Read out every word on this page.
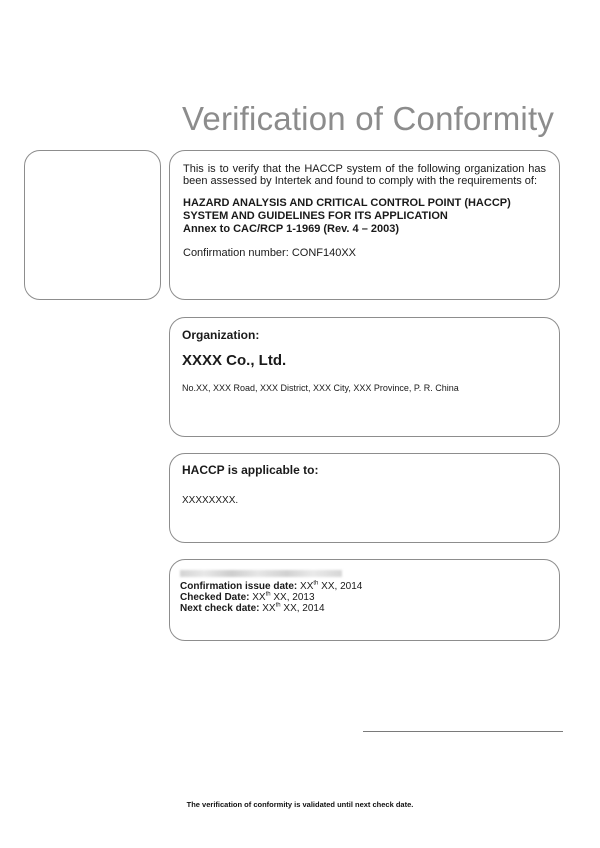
Verification of Conformity

This is to verify that the HACCP system of the following organization has been assessed by Intertek and found to comply with the requirements of:

HAZARD ANALYSIS AND CRITICAL CONTROL POINT (HACCP)
SYSTEM AND GUIDELINES FOR ITS APPLICATION
Annex to CAC/RCP 1-1969 (Rev. 4 – 2003)

Confirmation number: CONF140XX

Organization:

XXXX Co., Ltd.

No.XX, XXX Road, XXX District, XXX City, XXX Province, P. R. China

HACCP is applicable to:

XXXXXXXX.

Confirmation issue date: XXth XX, 2014
Checked Date: XXth XX, 2013
Next check date: XXth XX, 2014
The verification of conformity is validated until next check date.
